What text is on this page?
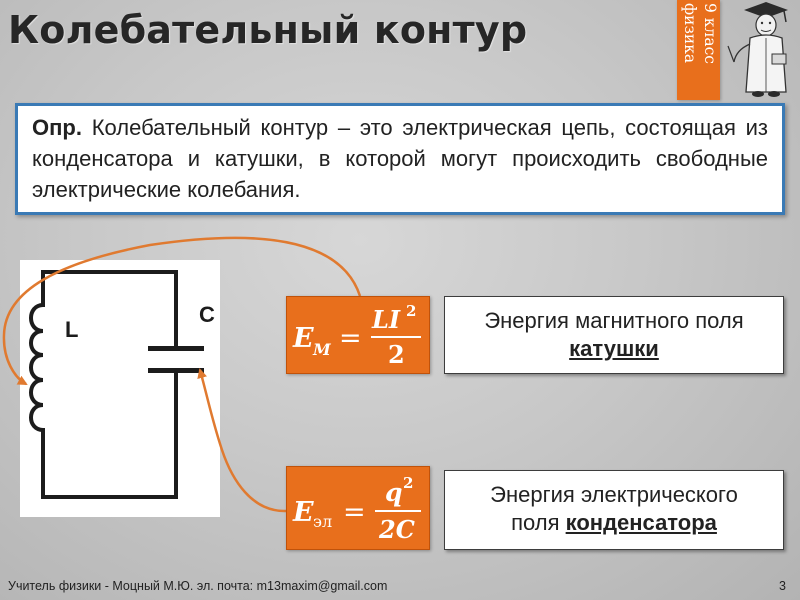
Колебательный контур	9 класс физика
Опр. Колебательный контур – это электрическая цепь, состоящая из конденсатора и катушки, в которой могут происходить свободные электрические колебания.
L
C
E M =
LI 2
2
Энергия магнитного поля
катушки
E эл =
q 2
2C
Энергия электрического
поля конденсатора
Учитель физики - Моцный М.Ю. эл. почта: m13maxim@gmail.com	3
